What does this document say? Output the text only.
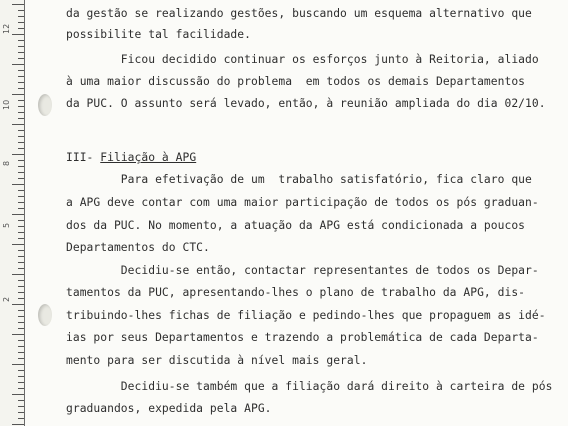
12
10
8
5
2
da gestão se realizando gestões, buscando um esquema alternativo que
possibilite tal facilidade.
Ficou decidido continuar os esforços junto à Reitoria, aliado
à uma maior discussão do problema  em todos os demais Departamentos
da PUC. O assunto será levado, então, à reunião ampliada do dia 02/10.
III- Filiação à APG
Para efetivação de um  trabalho satisfatório, fica claro que
a APG deve contar com uma maior participação de todos os pós graduan-
dos da PUC. No momento, a atuação da APG está condicionada a poucos
Departamentos do CTC.
Decidiu-se então, contactar representantes de todos os Depar-
tamentos da PUC, apresentando-lhes o plano de trabalho da APG, dis-
tribuindo-lhes fichas de filiação e pedindo-lhes que propaguem as idé-
ias por seus Departamentos e trazendo a problemática de cada Departa-
mento para ser discutida à nível mais geral.
Decidiu-se também que a filiação dará direito à carteira de pós
graduandos, expedida pela APG.
